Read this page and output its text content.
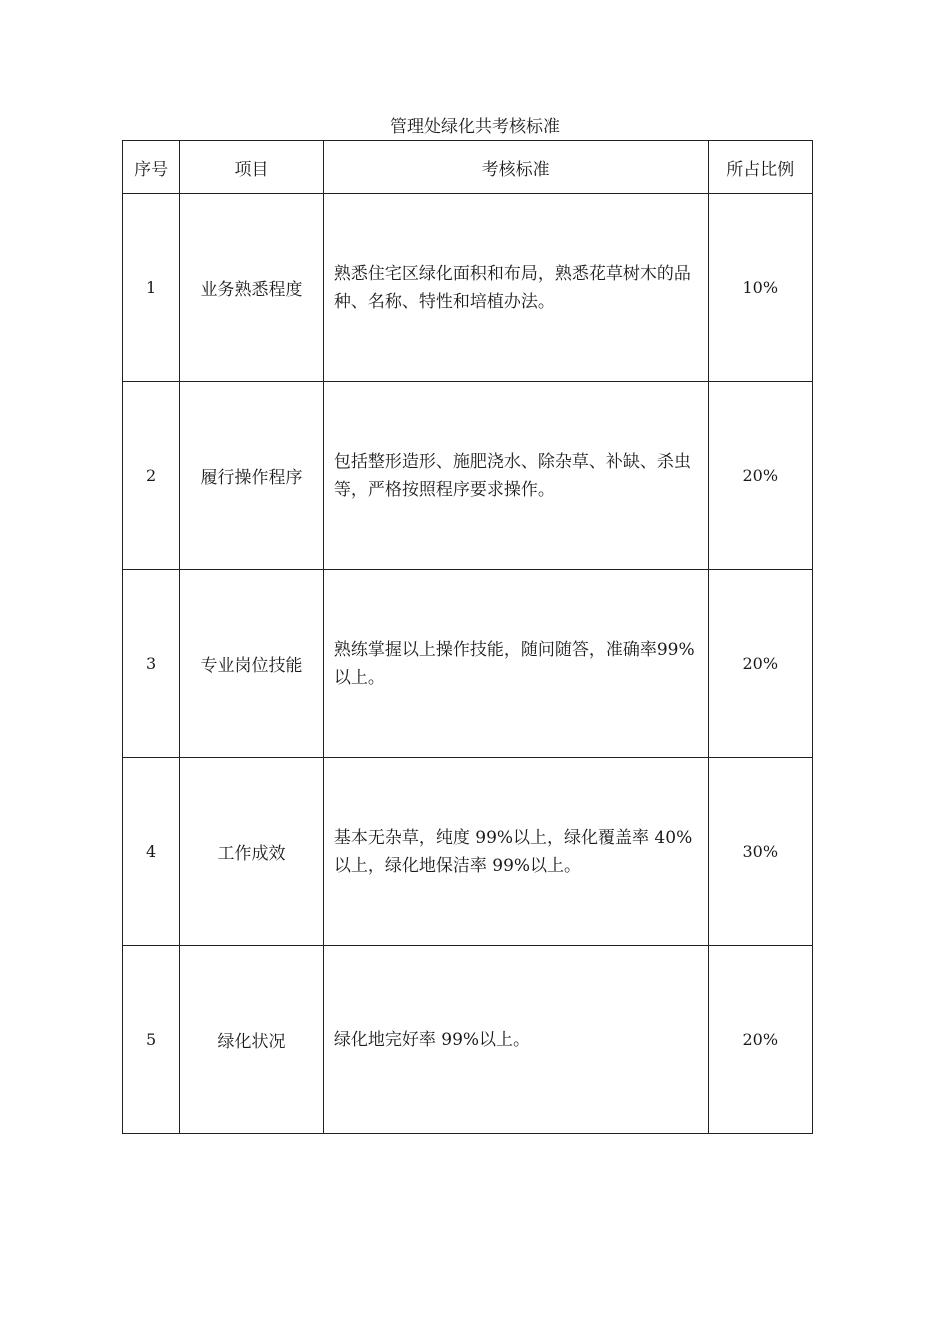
管理处绿化共考核标准
序号	项目	考核标准	所占比例
1	业务熟悉程度	熟悉住宅区绿化面积和布局，熟悉花草树木的品种、名称、特性和培植办法。	10%
2	履行操作程序	包括整形造形、施肥浇水、除杂草、补缺、杀虫等，严格按照程序要求操作。	20%
3	专业岗位技能	熟练掌握以上操作技能，随问随答，准确率99%以上。	20%
4	工作成效	基本无杂草，纯度 99%以上，绿化覆盖率 40%以上，绿化地保洁率 99%以上。	30%
5	绿化状况	绿化地完好率 99%以上。	20%
